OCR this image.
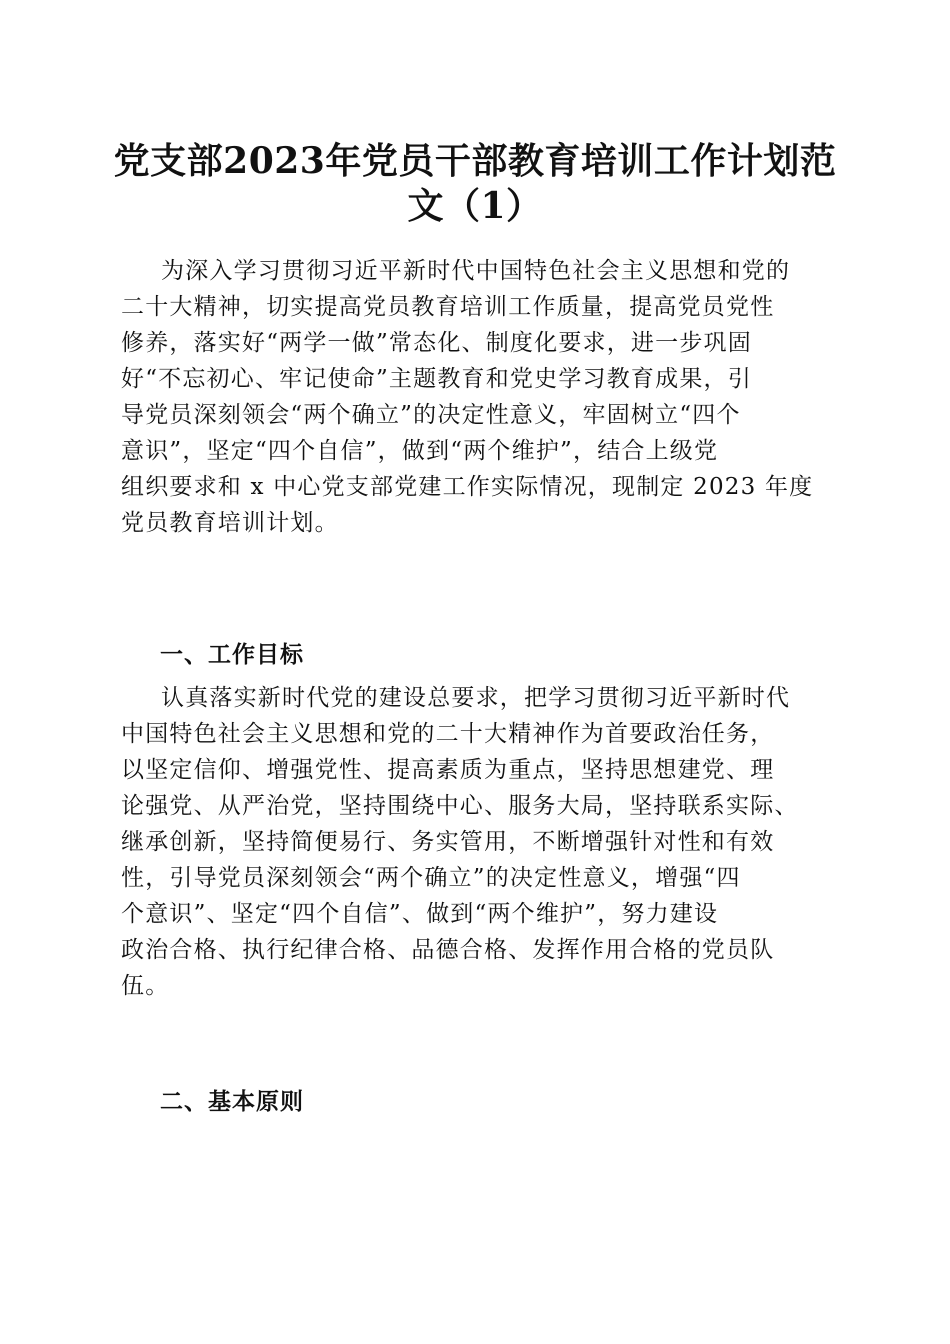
党支部2023年党员干部教育培训工作计划范
文（1）
为深入学习贯彻习近平新时代中国特色社会主义思想和党的
二十大精神，切实提高党员教育培训工作质量，提高党员党性
修养，落实好“两学一做”常态化、制度化要求，进一步巩固
好“不忘初心、牢记使命”主题教育和党史学习教育成果，引
导党员深刻领会“两个确立”的决定性意义，牢固树立“四个
意识”，坚定“四个自信”，做到“两个维护”，结合上级党
组织要求和 x 中心党支部党建工作实际情况，现制定 2023 年度
党员教育培训计划。
一、工作目标
认真落实新时代党的建设总要求，把学习贯彻习近平新时代
中国特色社会主义思想和党的二十大精神作为首要政治任务，
以坚定信仰、增强党性、提高素质为重点，坚持思想建党、理
论强党、从严治党，坚持围绕中心、服务大局，坚持联系实际、
继承创新，坚持简便易行、务实管用，不断增强针对性和有效
性，引导党员深刻领会“两个确立”的决定性意义，增强“四
个意识”、坚定“四个自信”、做到“两个维护”，努力建设
政治合格、执行纪律合格、品德合格、发挥作用合格的党员队
伍。
二、基本原则
